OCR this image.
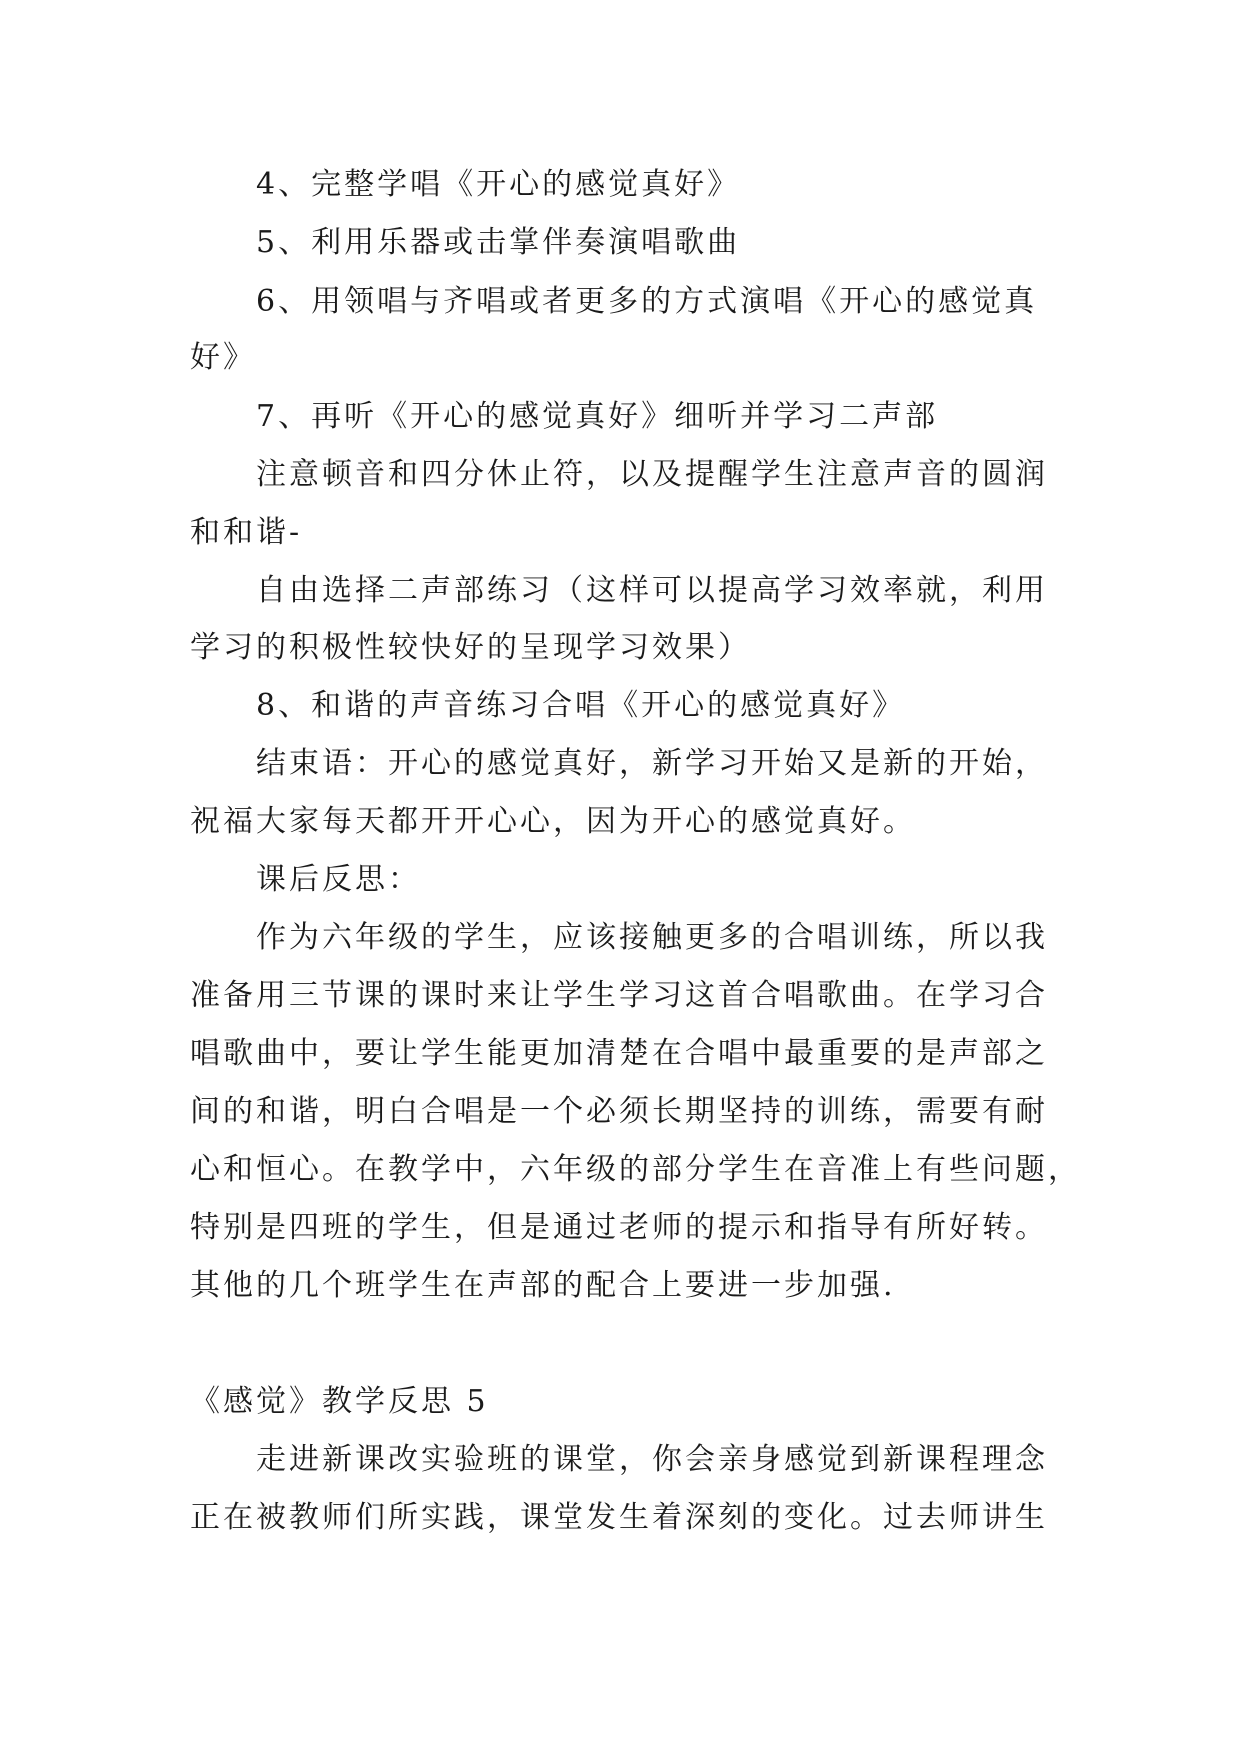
4、完整学唱《开心的感觉真好》
5、利用乐器或击掌伴奏演唱歌曲
6、用领唱与齐唱或者更多的方式演唱《开心的感觉真
好》
7、再听《开心的感觉真好》细听并学习二声部
注意顿音和四分休止符，以及提醒学生注意声音的圆润
和和谐-
自由选择二声部练习（这样可以提高学习效率就，利用
学习的积极性较快好的呈现学习效果）
8、和谐的声音练习合唱《开心的感觉真好》
结束语：开心的感觉真好，新学习开始又是新的开始，
祝福大家每天都开开心心，因为开心的感觉真好。
课后反思：
作为六年级的学生，应该接触更多的合唱训练，所以我
准备用三节课的课时来让学生学习这首合唱歌曲。在学习合
唱歌曲中，要让学生能更加清楚在合唱中最重要的是声部之
间的和谐，明白合唱是一个必须长期坚持的训练，需要有耐
心和恒心。在教学中，六年级的部分学生在音准上有些问题，
特别是四班的学生，但是通过老师的提示和指导有所好转。
其他的几个班学生在声部的配合上要进一步加强.
《感觉》教学反思 5
走进新课改实验班的课堂，你会亲身感觉到新课程理念
正在被教师们所实践，课堂发生着深刻的变化。过去师讲生
